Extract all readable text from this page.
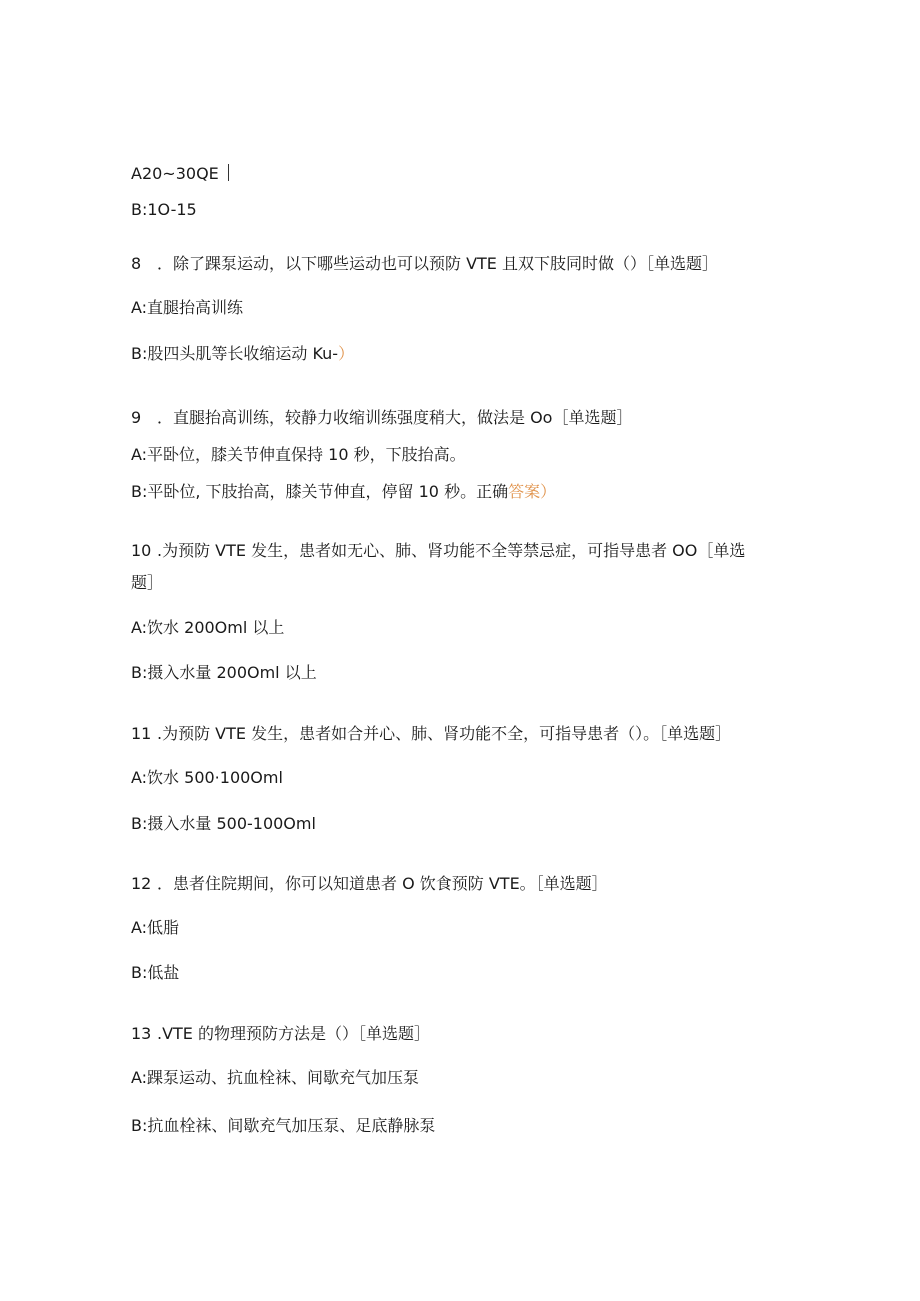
A20~30QE
B:1O-15
8 ．除了踝泵运动，以下哪些运动也可以预防 VTE 且双下肢同时做（）［单选题］
A:直腿抬高训练
B:股四头肌等长收缩运动 Ku-）
9 ．直腿抬高训练，较静力收缩训练强度稍大，做法是 Oo［单选题］
A:平卧位，膝关节伸直保持 10 秒，下肢抬高。
B:平卧位, 下肢抬高，膝关节伸直，停留 10 秒。正确答案）
10 .为预防 VTE 发生，患者如无心、肺、肾功能不全等禁忌症，可指导患者 OO［单选
题］
A:饮水 200Oml 以上
B:摄入水量 200Oml 以上
11 .为预防 VTE 发生，患者如合并心、肺、肾功能不全，可指导患者（）。［单选题］
A:饮水 500·100Oml
B:摄入水量 500-100Oml
12 ．患者住院期间，你可以知道患者 O 饮食预防 VTE。［单选题］
A:低脂
B:低盐
13 .VTE 的物理预防方法是（）［单选题］
A:踝泵运动、抗血栓袜、间歇充气加压泵
B:抗血栓袜、间歇充气加压泵、足底静脉泵
